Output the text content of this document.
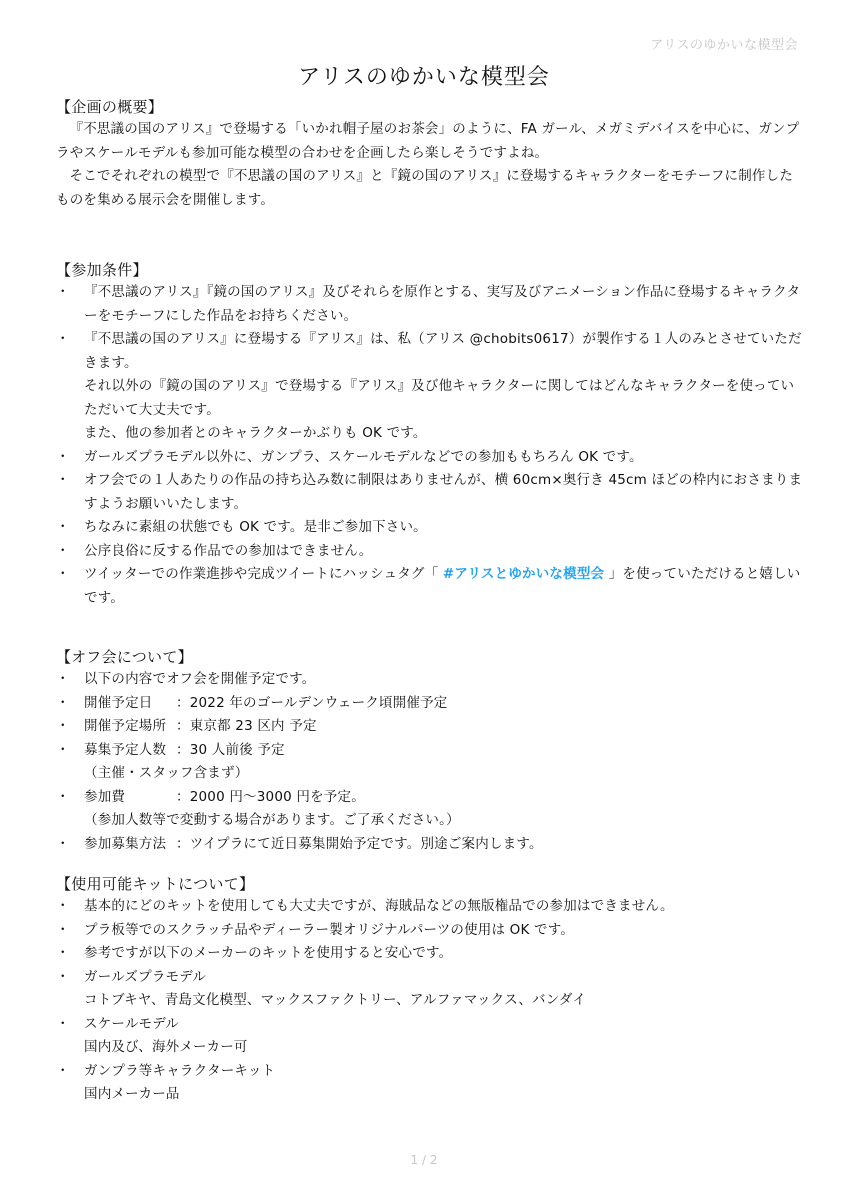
アリスのゆかいな模型会
アリスのゆかいな模型会
【企画の概要】
『不思議の国のアリス』で登場する「いかれ帽子屋のお茶会」のように、FA ガール、メガミデバイスを中心に、ガンプラやスケールモデルも参加可能な模型の合わせを企画したら楽しそうですよね。
そこでそれぞれの模型で『不思議の国のアリス』と『鏡の国のアリス』に登場するキャラクターをモチーフに制作したものを集める展示会を開催します。
【参加条件】
・ 『不思議のアリス』『鏡の国のアリス』及びそれらを原作とする、実写及びアニメーション作品に登場するキャラクターをモチーフにした作品をお持ちください。
・ 『不思議の国のアリス』に登場する『アリス』は、私（アリス @chobits0617）が製作する１人のみとさせていただきます。
それ以外の『鏡の国のアリス』で登場する『アリス』及び他キャラクターに関してはどんなキャラクターを使っていただいて大丈夫です。
また、他の参加者とのキャラクターかぶりも OK です。
・ ガールズプラモデル以外に、ガンプラ、スケールモデルなどでの参加ももちろん OK です。
・ オフ会での１人あたりの作品の持ち込み数に制限はありませんが、横 60cm×奥行き 45cm ほどの枠内におさまりますようお願いいたします。
・ ちなみに素組の状態でも OK です。是非ご参加下さい。
・ 公序良俗に反する作品での参加はできません。
・ ツイッターでの作業進捗や完成ツイートにハッシュタグ「 #アリスとゆかいな模型会 」を使っていただけると嬉しいです。
【オフ会について】
・ 以下の内容でオフ会を開催予定です。
・ 開催予定日 ：2022 年のゴールデンウェーク頃開催予定
・ 開催予定場所 ：東京都 23 区内 予定
・ 募集予定人数 ：30 人前後 予定
（主催・スタッフ含まず）
・ 参加費	：2000 円〜3000 円を予定。
（参加人数等で変動する場合があります。ご了承ください。）
・ 参加募集方法 ：ツイプラにて近日募集開始予定です。別途ご案内します。
【使用可能キットについて】
・ 基本的にどのキットを使用しても大丈夫ですが、海賊品などの無版権品での参加はできません。
・ プラ板等でのスクラッチ品やディーラー製オリジナルパーツの使用は OK です。
・ 参考ですが以下のメーカーのキットを使用すると安心です。
・ ガールズプラモデル
コトブキヤ、青島文化模型、マックスファクトリー、アルファマックス、バンダイ
・ スケールモデル
国内及び、海外メーカー可
・ ガンプラ等キャラクターキット
国内メーカー品
1 / 2
